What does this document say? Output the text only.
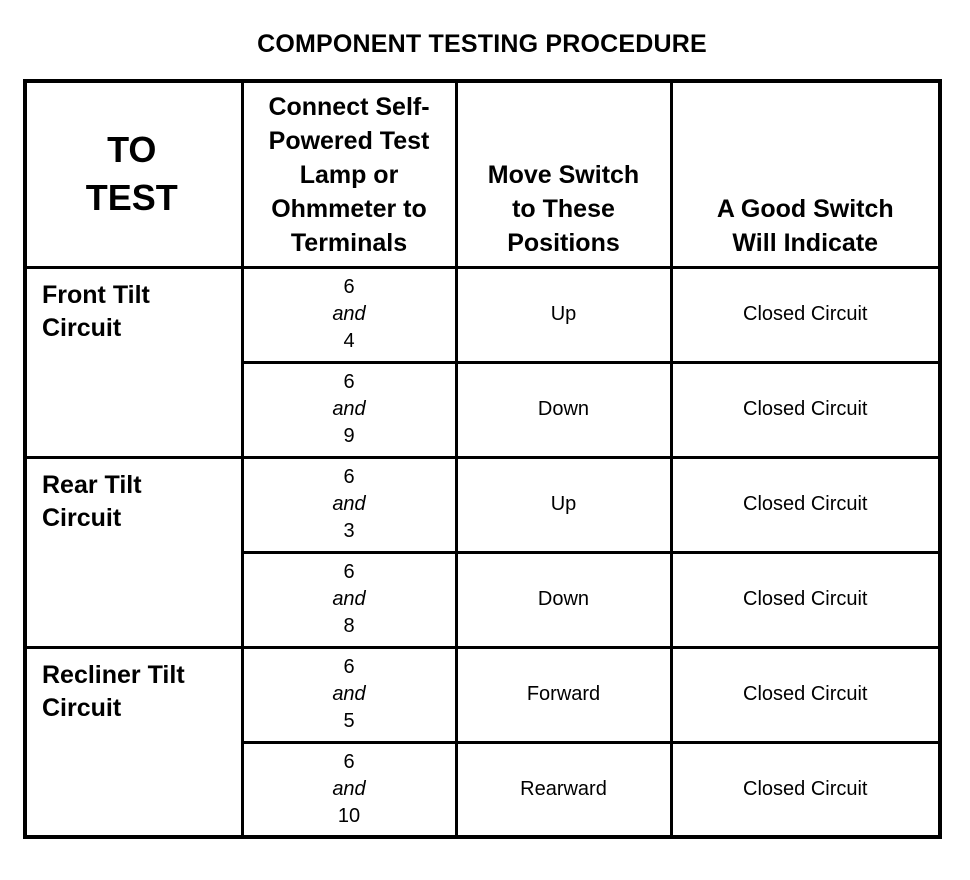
COMPONENT TESTING PROCEDURE
TO
TEST	Connect Self-
Powered Test
Lamp or
Ohmmeter to
Terminals	Move Switch
to These
Positions	A Good Switch
Will Indicate

Front Tilt
Circuit	6
and
4	Up	Closed Circuit

	6
and
9	Down	Closed Circuit

Rear Tilt
Circuit	6
and
3	Up	Closed Circuit

	6
and
8	Down	Closed Circuit

Recliner Tilt
Circuit	6
and
5	Forward	Closed Circuit

	6
and
10	Rearward	Closed Circuit
